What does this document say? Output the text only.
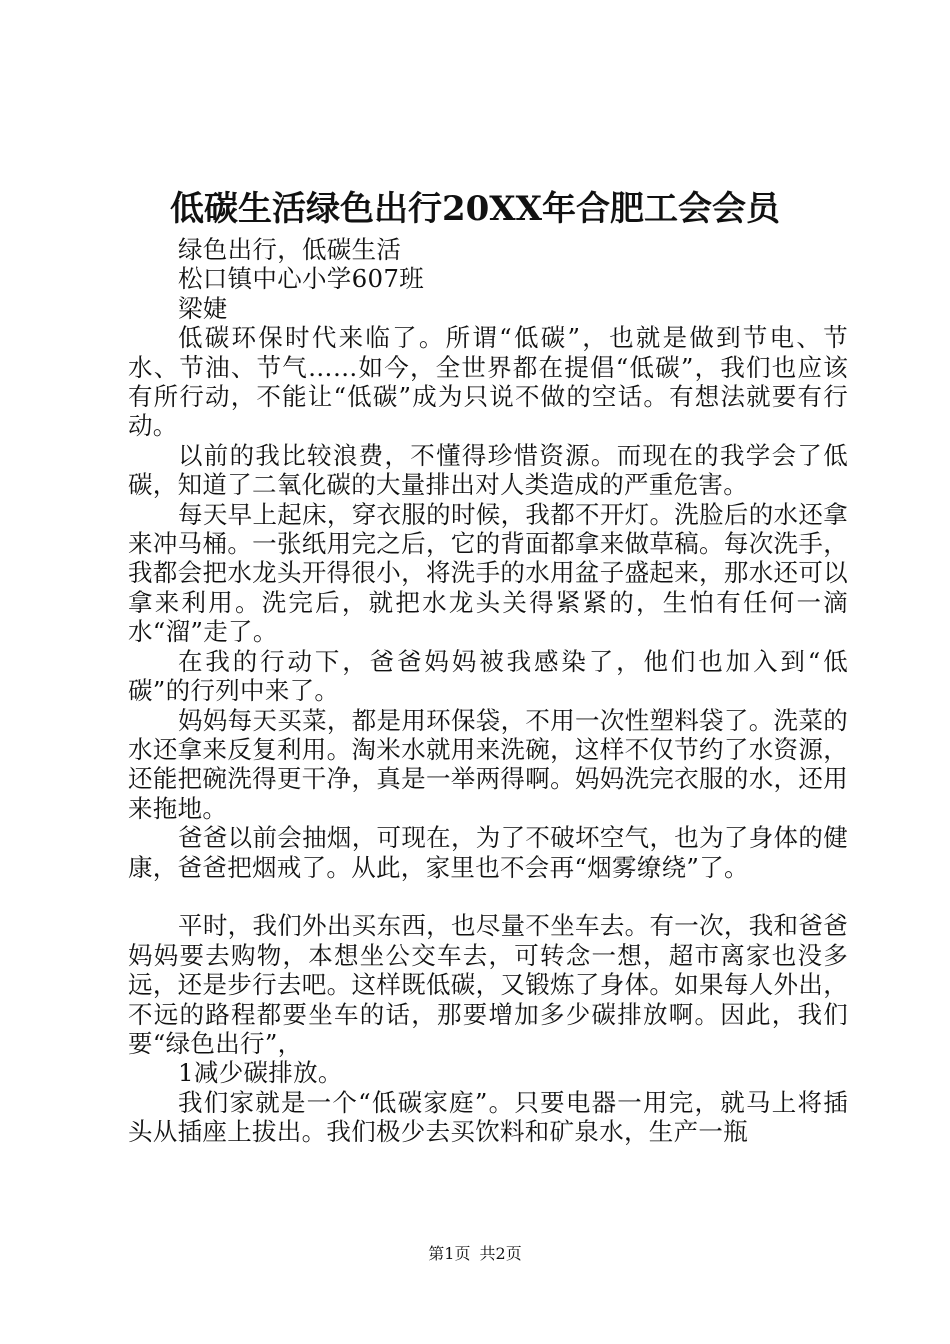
低碳生活绿色出行20XX年合肥工会会员
绿色出行，低碳生活
松口镇中心小学607班
梁婕
低碳环保时代来临了。所谓“低碳”，也就是做到节电、节水、节油、节气……如今，全世界都在提倡“低碳”，我们也应该有所行动，不能让“低碳”成为只说不做的空话。有想法就要有行动。
以前的我比较浪费，不懂得珍惜资源。而现在的我学会了低碳，知道了二氧化碳的大量排出对人类造成的严重危害。
每天早上起床，穿衣服的时候，我都不开灯。洗脸后的水还拿来冲马桶。一张纸用完之后，它的背面都拿来做草稿。每次洗手，我都会把水龙头开得很小，将洗手的水用盆子盛起来，那水还可以拿来利用。洗完后，就把水龙头关得紧紧的，生怕有任何一滴水“溜”走了。
在我的行动下，爸爸妈妈被我感染了，他们也加入到“低碳”的行列中来了。
妈妈每天买菜，都是用环保袋，不用一次性塑料袋了。洗菜的水还拿来反复利用。淘米水就用来洗碗，这样不仅节约了水资源，还能把碗洗得更干净，真是一举两得啊。妈妈洗完衣服的水，还用来拖地。
爸爸以前会抽烟，可现在，为了不破坏空气，也为了身体的健康，爸爸把烟戒了。从此，家里也不会再“烟雾缭绕”了。
平时，我们外出买东西，也尽量不坐车去。有一次，我和爸爸妈妈要去购物，本想坐公交车去，可转念一想，超市离家也没多远，还是步行去吧。这样既低碳，又锻炼了身体。如果每人外出，不远的路程都要坐车的话，那要增加多少碳排放啊。因此，我们要“绿色出行”，
1减少碳排放。
我们家就是一个“低碳家庭”。只要电器一用完，就马上将插头从插座上拔出。我们极少去买饮料和矿泉水，生产一瓶
第1页 共2页
